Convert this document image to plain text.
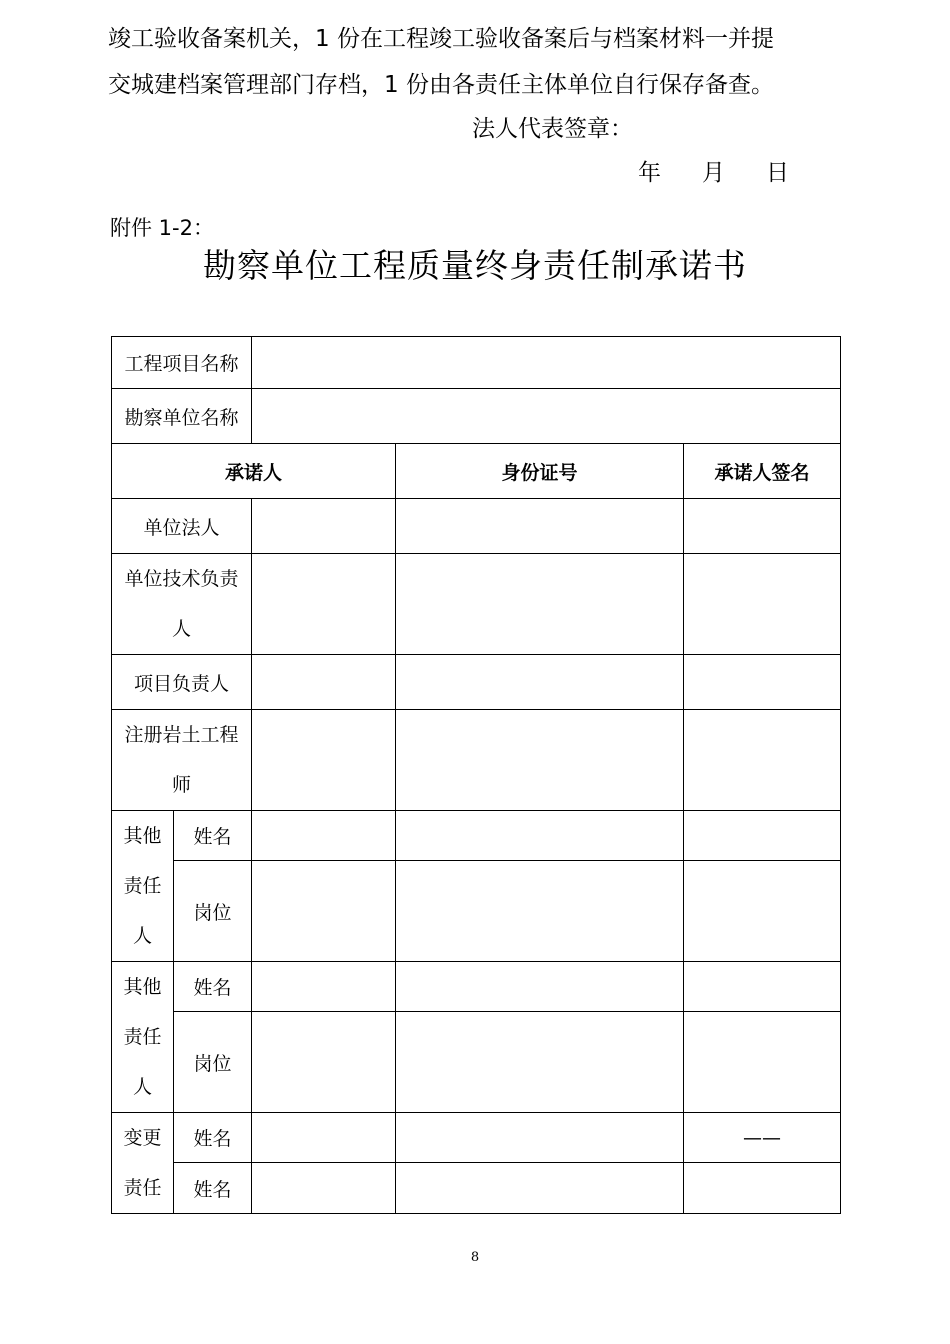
竣工验收备案机关，1 份在工程竣工验收备案后与档案材料一并提
交城建档案管理部门存档，1 份由各责任主体单位自行保存备查。
法人代表签章：
年 月 日
附件 1-2：
勘察单位工程质量终身责任制承诺书
工程项目名称				
勘察单位名称				
承诺人			身份证号	承诺人签名
单位法人				
单位技术负责人				
项目负责人				
注册岩土工程师				
其他责任人	姓名			
	岗位			
其他责任人	姓名			
	岗位			
变更责任	姓名			——
	姓名			
8
